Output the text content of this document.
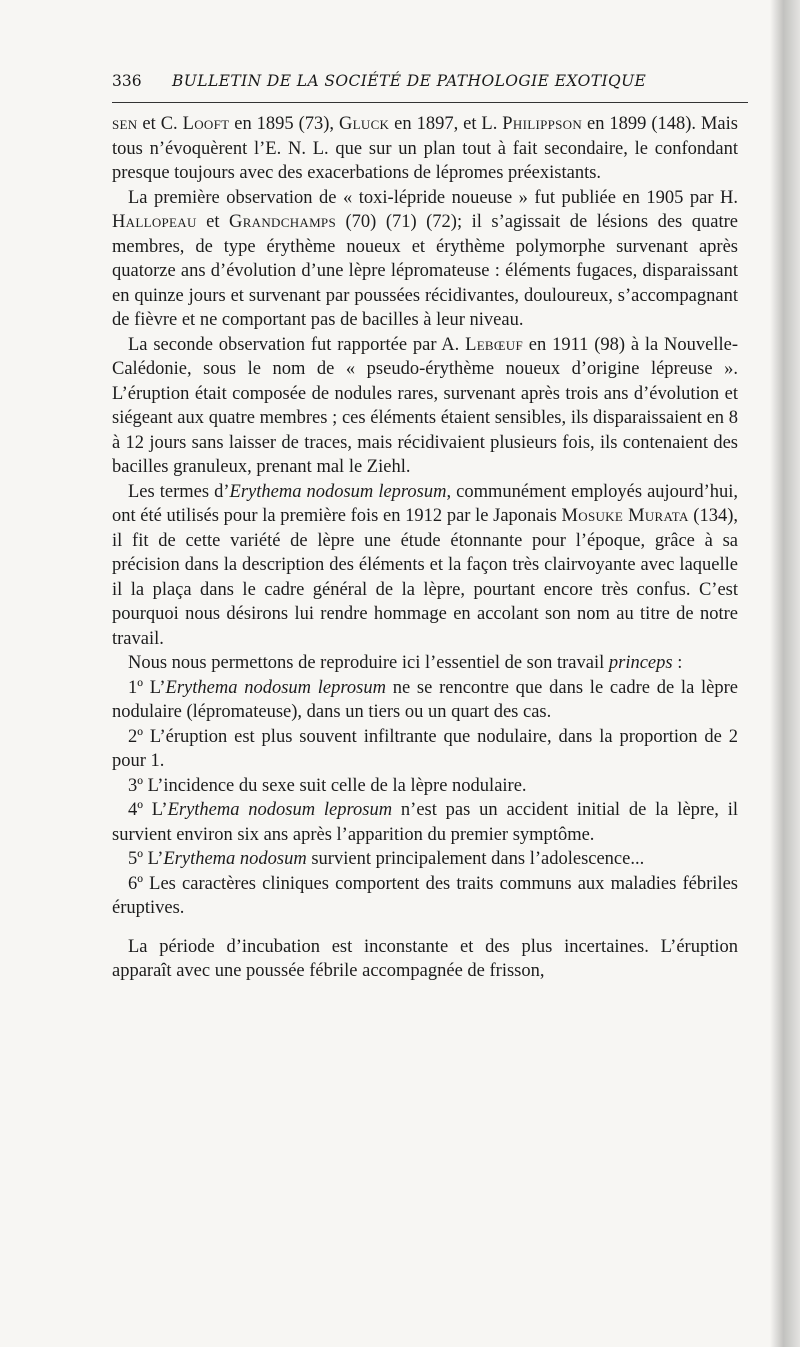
336 BULLETIN DE LA SOCIÉTÉ DE PATHOLOGIE EXOTIQUE

sen et C. Looft en 1895 (73), Gluck en 1897, et L. Philippson en 1899 (148). Mais tous n’évoquèrent l’E. N. L. que sur un plan tout à fait secondaire, le confondant presque toujours avec des exacerbations de lépromes préexistants.

La première observation de « toxi-lépride noueuse » fut publiée en 1905 par H. Hallopeau et Grandchamps (70) (71) (72); il s’agissait de lésions des quatre membres, de type érythème noueux et érythème polymorphe survenant après quatorze ans d’évolution d’une lèpre lépromateuse : éléments fugaces, disparaissant en quinze jours et survenant par poussées récidivantes, douloureux, s’accompagnant de fièvre et ne comportant pas de bacilles à leur niveau.

La seconde observation fut rapportée par A. Lebœuf en 1911 (98) à la Nouvelle-Calédonie, sous le nom de « pseudo-érythème noueux d’origine lépreuse ». L’éruption était composée de nodules rares, survenant après trois ans d’évolution et siégeant aux quatre membres ; ces éléments étaient sensibles, ils disparaissaient en 8 à 12 jours sans laisser de traces, mais récidivaient plusieurs fois, ils contenaient des bacilles granuleux, prenant mal le Ziehl.

Les termes d’Erythema nodosum leprosum, communément employés aujourd’hui, ont été utilisés pour la première fois en 1912 par le Japonais Mosuke Murata (134), il fit de cette variété de lèpre une étude étonnante pour l’époque, grâce à sa précision dans la description des éléments et la façon très clairvoyante avec laquelle il la plaça dans le cadre général de la lèpre, pourtant encore très confus. C’est pourquoi nous désirons lui rendre hommage en accolant son nom au titre de notre travail.

Nous nous permettons de reproduire ici l’essentiel de son travail princeps :

1º L’Erythema nodosum leprosum ne se rencontre que dans le cadre de la lèpre nodulaire (lépromateuse), dans un tiers ou un quart des cas.

2º L’éruption est plus souvent infiltrante que nodulaire, dans la proportion de 2 pour 1.

3º L’incidence du sexe suit celle de la lèpre nodulaire.

4º L’Erythema nodosum leprosum n’est pas un accident initial de la lèpre, il survient environ six ans après l’apparition du premier symptôme.

5º L’Erythema nodosum survient principalement dans l’adolescence...

6º Les caractères cliniques comportent des traits communs aux maladies fébriles éruptives.

La période d’incubation est inconstante et des plus incertaines. L’éruption apparaît avec une poussée fébrile accompagnée de frisson,
